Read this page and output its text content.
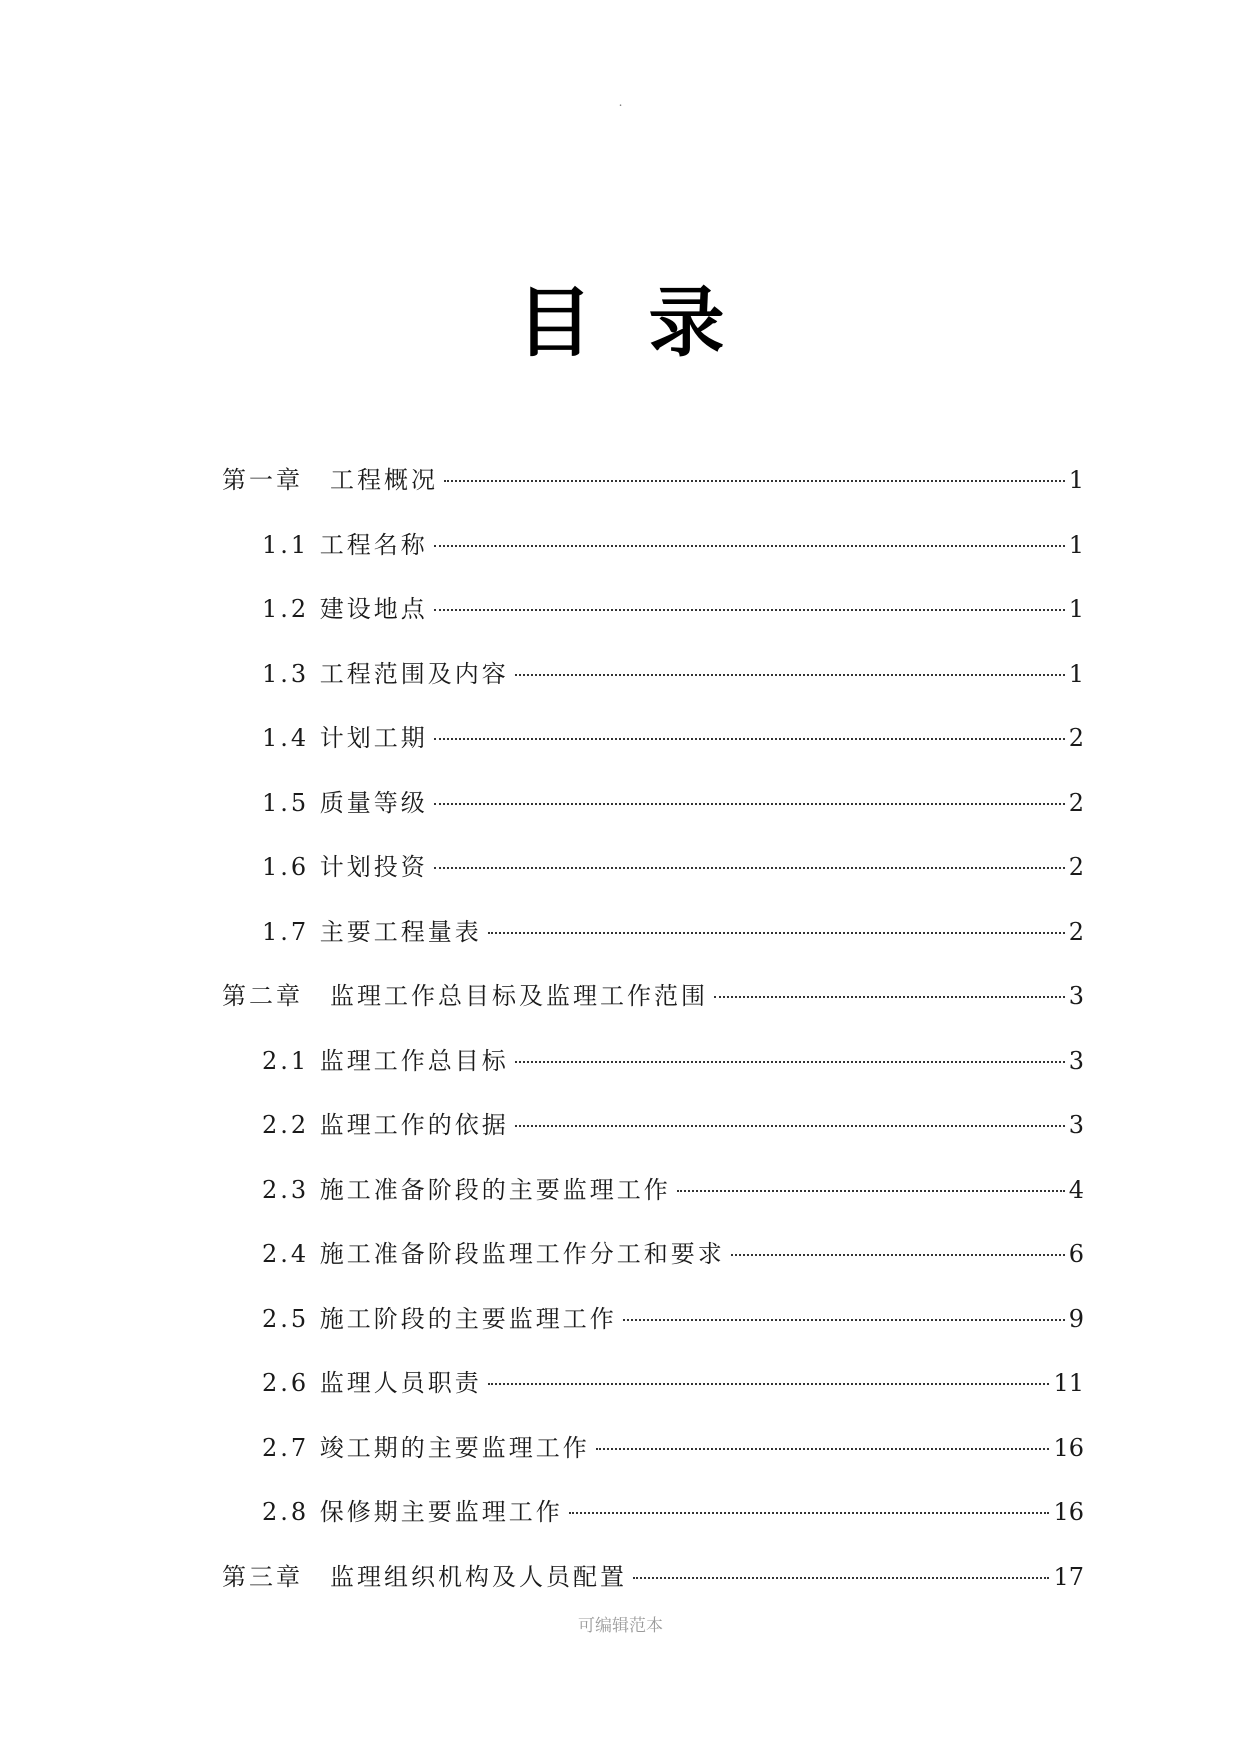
.
目录
第一章　工程概况	1
1.1 工程名称	1
1.2 建设地点	1
1.3 工程范围及内容	1
1.4 计划工期	2
1.5 质量等级	2
1.6 计划投资	2
1.7 主要工程量表	2
第二章　监理工作总目标及监理工作范围	3
2.1 监理工作总目标	3
2.2 监理工作的依据	3
2.3 施工准备阶段的主要监理工作	4
2.4 施工准备阶段监理工作分工和要求	6
2.5 施工阶段的主要监理工作	9
2.6 监理人员职责	11
2.7 竣工期的主要监理工作	16
2.8 保修期主要监理工作	16
第三章　监理组织机构及人员配置	17
可编辑范本
